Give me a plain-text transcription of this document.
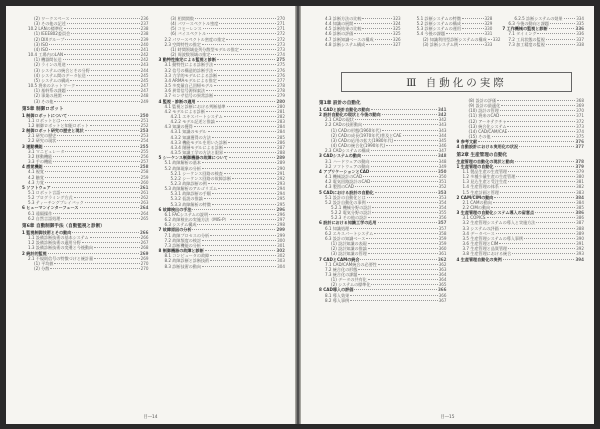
(2) ワークスペース	236
(3) その他の記述	237
10.2 LANの標準化	238
(1) IEEE802委員会	238
(2) DIXグループ	239
(3) ISO	240
(4) ISO	241
10.4 工場内のLAN	242
(1) 機器間伝送	242
(2) ラインの用途	243
(3) システムの統合とその分野	244
(4) システム間のデータ伝送	245
(5) システムの構成	245
10.5 将来のネットワーク	247
(1) 基幹系の課題	247
(2) 事業の展開	248
(3) その他	249
第5章 制御ロボット
1 制御ロボットについて	250
1.1 ロボットとは	251
1.2 制御ロボットと知能ロボット	252
2 制御ロボット研究の歴史と現状	253
2.1 研究の歴史	253
2.2 研究の現状	254
3 運動機能	255
3.1 マニピュレータ	255
3.2 移動機能	256
3.3 手の機能	257
4 感覚機能	258
4.1 視覚	258
4.2 触覚	259
4.3 力覚	260
5 ソフトウェア	261
5.1 ロボット言語	261
5.2 プログラミング方式	262
5.3 ティーチングプレイバック	263
6 ヒューマンインターフェース	264
6.1 遠隔操作	264
6.2 自然言語処理	265
第6章 自動制御手法（自動監視と診断）
1 監視制御技術とその動向	266
1.1 設備診断技術の基本システム	266
1.2 設備診断技術の適用分野	267
1.3 設備診断技術の変遷と今後動向	268
2 統計的監視	269
2.1 不規則信号の特徴づけと統計量	269
(1) 平均値	270
(2) 分散	270
(3) 相関関数	270
(4) パワースペクトル密度	271
(5) コヒーレンス	271
(6) バイスペクトル	272
2.2 パワースペクトル密度の推定	272
2.3 空間特性の推定	273
(1) 時間領域並列分散型モデルの推定	273
(2) 周波数領域の推定	274
3 動特性推定による監視と診断	275
3.1 動特性による診断手法	275
3.2 信号の構造的診断手法	276
3.3 力学的モデルによる診断	276
3.4 ARMAモデルによる推定	277
3.5 多変量自己回帰モデル	278
3.6 異常信号源探索法	278
3.7 センサ信号の異常診断	279
4 監視・診断の適用	280
4.1 監視と診断における判断基準	280
4.2 モデルによる診断	281
4.2.1 エキスパートシステム	282
4.2.2 モデル記述と推論	283
4.3 知識の獲得	284
4.3.1 知識のモデル	284
4.3.2 知識獲得の方法	285
4.3.3 機能モデルを用いた診断	286
4.3.4 階層モデルによる診断	287
4.3.5 知識工学の方法と限界	288
5 シーケンス制御機器の故障について	289
5.1 故障解析の基本	289
5.2 故障現象の分析	290
5.2.1 シーケンス回路の検査	291
5.2.2 シーケンス回路の故障診断	292
5.2.3 故障診断の例	293
5.3 故障解析のアルゴリズム	294
5.3.1 故障診断の手順	294
5.3.2 仮説の推論	295
5.3.3 故障解析の特徴	295
6 故障検出の手法	296
6.1 FACシステムの説明	296
6.2 故障検出の実施方法（MIS-P）	297
6.3 システム構成	298
7 故障原因の分析	299
7.1 故障プロセスの分析	299
7.2 故障頻度の検討	300
7.3 診断機能の分析	301
8 制御機器の故障と診断	302
8.1 コンピュータの故障	302
8.2 故障診断と診断技術	303
8.3 診断技術の動向	304
目―14
4.3 診断方法の比較	323
4.4 知識の展開	324
4.5 診断結果の比較	325
4.6 診断の評価	325
4.7 診断知識ベースの構成	326
4.8 診断システム構成	327
5.1 診断システムの特徴	328
5.2 診断システムの構成	329
5.3 診断システムの運用	330
5.4 今後の課題	331
(2) 知識利用型診断システムの構成 332
(3) 診断システム例	333
6.2.5 診断システムの効果	334
6.3 今後の動向と課題	335
7 工作機械の監視と診断	336
7.1 タイミング	336
7.2 工具状態の監視	337
7.3 加工精度の監視	338
Ⅲ 自動化の実際
第1章 設計の自動化
1 CADと設計自動化の動向	341
2 設計自動化の現状と今後の動向	342
2.1 CADの現状	342
2.2 CADの技術動向	343
(1) CADの形態(1960年代)	343
(2) CADの成長(1970年代)普及とCAE	344
(3) CADの応用の拡大(1980年代)	345
(4) CADの統合化(1990年代)	346
2.3 CADシステムの構成	347
3 CADシステムの動向	348
3.1 ハードウェアの動向	348
3.2 ソフトウェアの動向	349
4 アプリケーションとCAD	350
4.1 機械設計のCAD	350
4.2 電気回路設計のCAD	351
4.3 製図のCAD	352
5 CADにおける設計の自動化	353
5.1 設計の自動化とは	353
5.2 設計自動化の事例	354
5.2.1 機械分野の設計	354
5.2.2 電気分野の設計	355
5.2.3 その他の設計	356
6 設計における知識工学の応用	357
6.1 知識処理	357
6.2 エキスパートシステム	358
6.3 設計の知識ベース	359
(1) 設計知識の表現	359
(2) 設計知識の推論	360
(3) 設計知識の管理	361
7 CADとCAMの統合	362
7.1 CAD/CAM統合の必要性	362
7.2 統合化の形態	363
7.3 統合化の課題	364
(1) データの共有化	364
(2) システムの標準化	365
8 CAD導入の評価	366
8.1 導入効果	366
8.2 導入事例	367
(8) 設計の評価	368
(9) 設計の最適化	369
(10) 設計の管理	370
(11) 将来のCAD	371
(12) アーキテクチャ	372
(13) 統合化システム	373
(14) CAD/CAM/CAE	374
(15) その他	375
9 参考文献	376
4 自動設計における実用化の状況	377
第2章 生産管理の自動化
生産管理の自動化の現状と動向	378
1 生産管理の自動化	379
1.1 製品生産の生産管理	379
1.2 多種少量生産の生産管理	380
1.3 見込生産と受注生産	381
1.4 生産管理の体系	382
1.5 生産計画と管理	383
2 CAM/CIMの動向	384
2.1 CAMの動向	384
2.2 CIMの動向	385
3 生産管理の自動化システム導入の留意点	386
3.1 COPICS	386
3.2 生産管理システムの導入と実施方法	387
3.3 システムの評価	388
3.4 データベース	389
3.5 生産管理システムの導入事例	390
3.6 生産管理とCIM	391
3.7 生産管理と品質管理	392
3.8 生産管理における統合	393
4 生産管理自動化の実例	394
目―15
